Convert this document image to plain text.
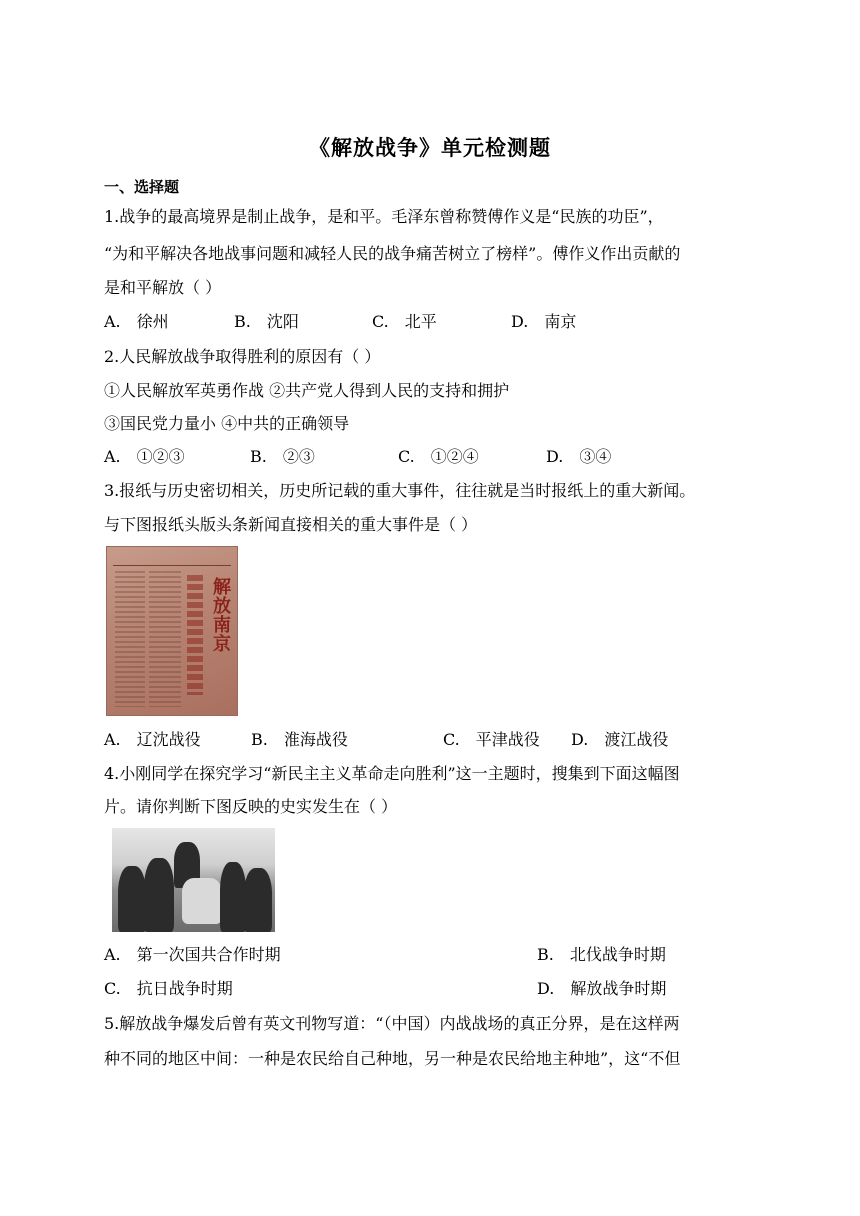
《解放战争》单元检测题
一、选择题
1.战争的最高境界是制止战争，是和平。毛泽东曾称赞傅作义是“民族的功臣”，
“为和平解决各地战事问题和减轻人民的战争痛苦树立了榜样”。傅作义作出贡献的
是和平解放（ ）
A.　徐州	B.　沈阳	C.　北平	D.　南京
2.人民解放战争取得胜利的原因有（ ）
①人民解放军英勇作战 ②共产党人得到人民的支持和拥护
③国民党力量小 ④中共的正确领导
A.　①②③	B.　②③	C.　①②④	D.　③④
3.报纸与历史密切相关，历史所记载的重大事件，往往就是当时报纸上的重大新闻。
与下图报纸头版头条新闻直接相关的重大事件是（ ）
解放南京
A.　辽沈战役	B.　淮海战役	C.　平津战役 D.　渡江战役
4.小刚同学在探究学习“新民主主义革命走向胜利”这一主题时，搜集到下面这幅图
片。请你判断下图反映的史实发生在（ ）
A.　第一次国共合作时期	B.　北伐战争时期
C.　抗日战争时期	D.　解放战争时期
5.解放战争爆发后曾有英文刊物写道：“（中国）内战战场的真正分界，是在这样两
种不同的地区中间：一种是农民给自己种地，另一种是农民给地主种地”，这“不但
